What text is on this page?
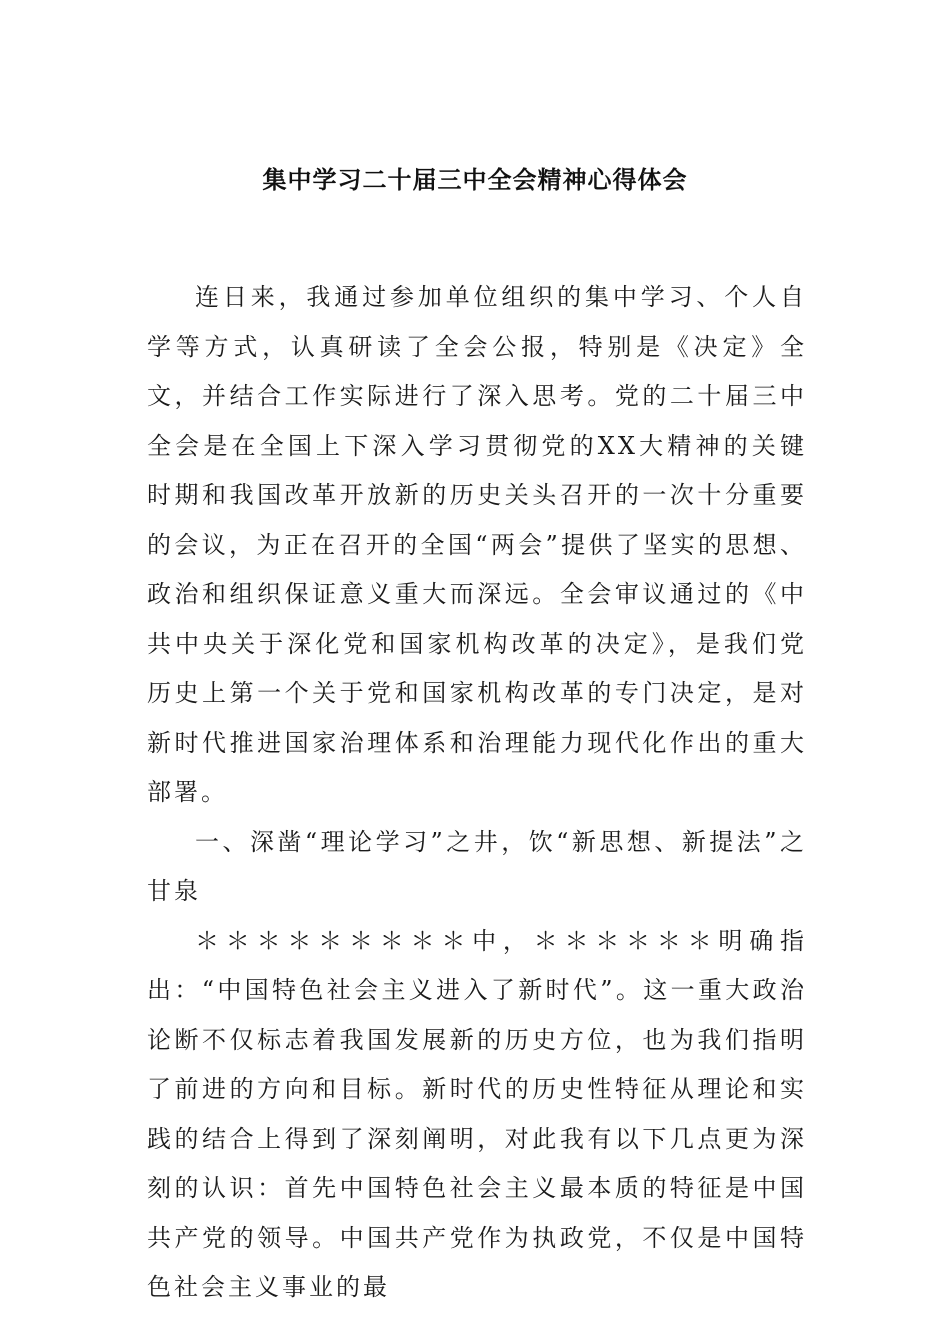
集中学习二十届三中全会精神心得体会

连日来，我通过参加单位组织的集中学习、个人自学等方式，认真研读了全会公报，特别是《决定》全文，并结合工作实际进行了深入思考。党的二十届三中全会是在全国上下深入学习贯彻党的XX大精神的关键时期和我国改革开放新的历史关头召开的一次十分重要的会议，为正在召开的全国“两会”提供了坚实的思想、政治和组织保证意义重大而深远。全会审议通过的《中共中央关于深化党和国家机构改革的决定》，是我们党历史上第一个关于党和国家机构改革的专门决定，是对新时代推进国家治理体系和治理能力现代化作出的重大部署。

一、深凿“理论学习”之井，饮“新思想、新提法”之甘泉

＊＊＊＊＊＊＊＊＊中，＊＊＊＊＊＊明确指出：“中国特色社会主义进入了新时代”。这一重大政治论断不仅标志着我国发展新的历史方位，也为我们指明了前进的方向和目标。新时代的历史性特征从理论和实践的结合上得到了深刻阐明，对此我有以下几点更为深刻的认识：首先中国特色社会主义最本质的特征是中国共产党的领导。中国共产党作为执政党，不仅是中国特色社会主义事业的最
